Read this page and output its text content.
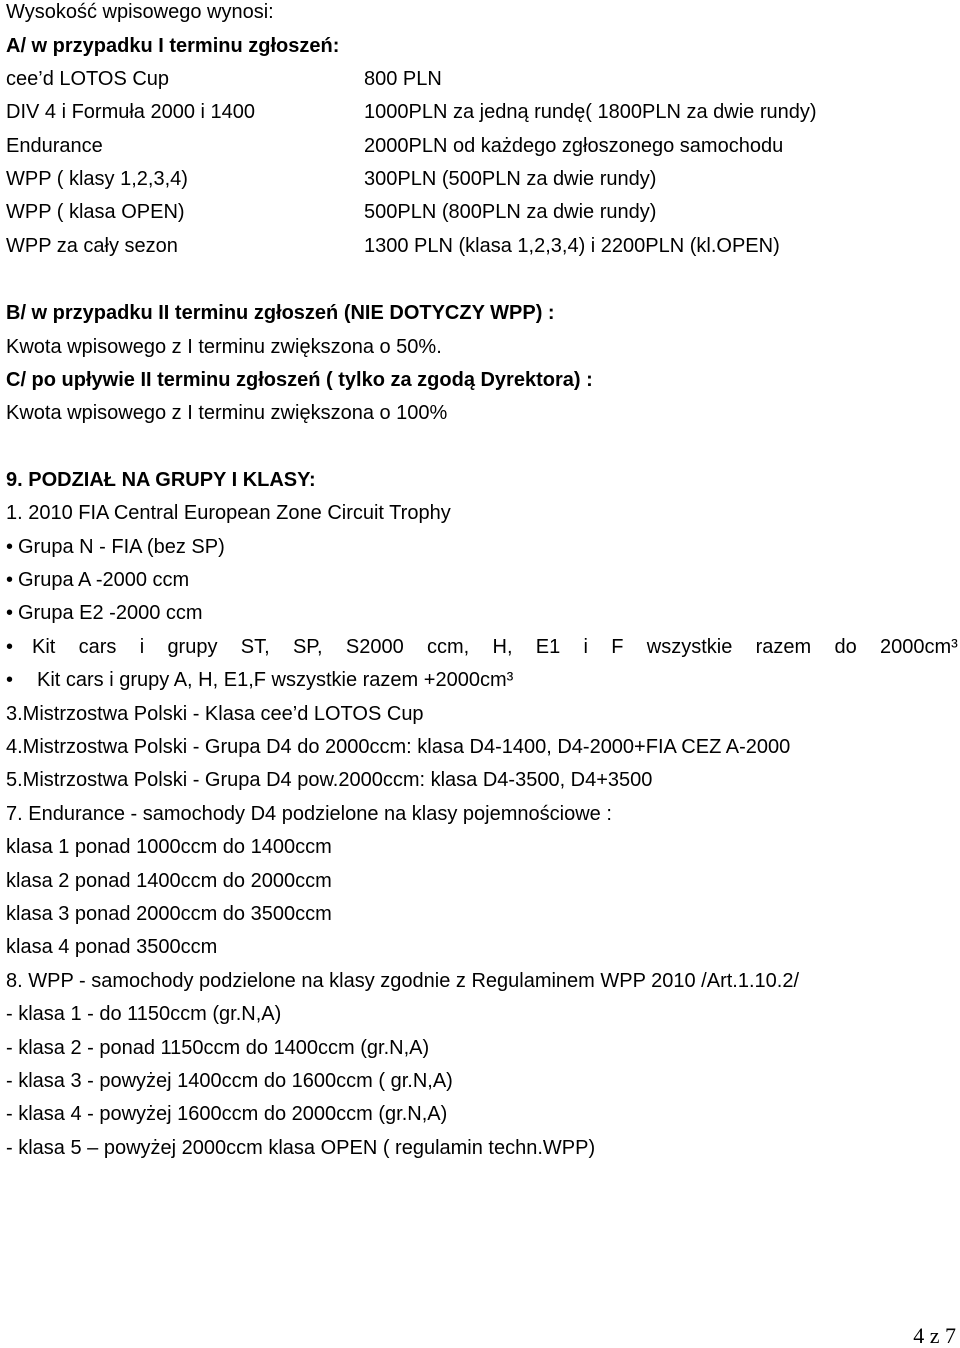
Wysokość wpisowego wynosi:
A/ w przypadku I terminu zgłoszeń:
cee’d LOTOS Cup	800 PLN
DIV 4 i Formuła 2000 i 1400	1000PLN za jedną rundę( 1800PLN za dwie rundy)
Endurance	2000PLN od każdego zgłoszonego samochodu
WPP ( klasy 1,2,3,4)	300PLN (500PLN za dwie rundy)
WPP ( klasa OPEN)	500PLN (800PLN za dwie rundy)
WPP za cały sezon	1300 PLN (klasa 1,2,3,4) i 2200PLN (kl.OPEN)
B/ w przypadku II terminu zgłoszeń (NIE DOTYCZY WPP) :
Kwota wpisowego z I terminu zwiększona o 50%.
C/ po upływie II terminu zgłoszeń ( tylko za zgodą Dyrektora) :
Kwota wpisowego z I terminu zwiększona o 100%
9. PODZIAŁ NA GRUPY I KLASY:
1. 2010 FIA Central European Zone Circuit Trophy
• Grupa N - FIA (bez SP)
• Grupa A -2000 ccm
• Grupa E2 -2000 ccm
• Kit cars i grupy ST, SP, S2000 ccm, H, E1 i F wszystkie razem do 2000cm³
• Kit cars i grupy A, H, E1,F wszystkie razem +2000cm³
3.Mistrzostwa Polski - Klasa cee’d LOTOS Cup
4.Mistrzostwa Polski - Grupa D4 do 2000ccm: klasa D4-1400, D4-2000+FIA CEZ A-2000
5.Mistrzostwa Polski - Grupa D4 pow.2000ccm: klasa D4-3500, D4+3500
7. Endurance - samochody D4 podzielone na klasy pojemnościowe :
klasa 1 ponad 1000ccm do 1400ccm
klasa 2 ponad 1400ccm do 2000ccm
klasa 3 ponad 2000ccm do 3500ccm
klasa 4 ponad 3500ccm
8. WPP - samochody podzielone na klasy zgodnie z Regulaminem WPP 2010 /Art.1.10.2/
- klasa 1 - do 1150ccm (gr.N,A)
- klasa 2 - ponad 1150ccm do 1400ccm (gr.N,A)
- klasa 3 - powyżej 1400ccm do 1600ccm ( gr.N,A)
- klasa 4 - powyżej 1600ccm do 2000ccm (gr.N,A)
- klasa 5 – powyżej 2000ccm klasa OPEN ( regulamin techn.WPP)
4 z 7
